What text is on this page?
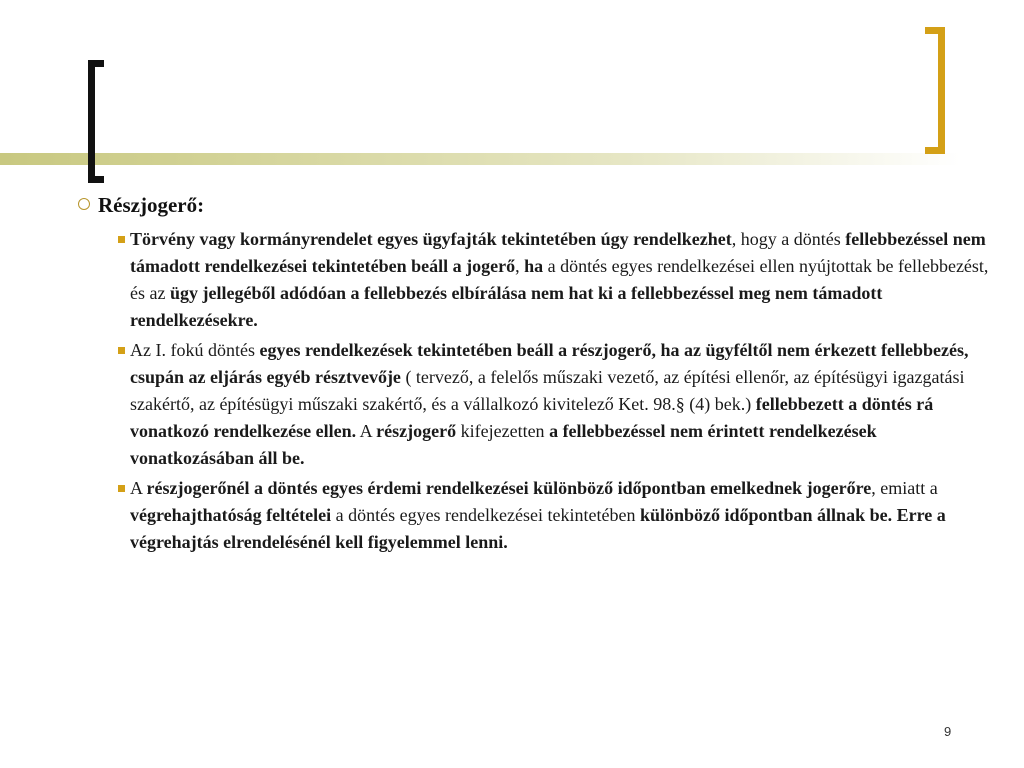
Részjogerő:
Törvény vagy kormányrendelet egyes ügyfajták tekintetében úgy rendelkezhet, hogy a döntés fellebbezéssel nem támadott rendelkezései tekintetében beáll a jogerő, ha a döntés egyes rendelkezései ellen nyújtottak be fellebbezést, és az ügy jellegéből adódóan a fellebbezés elbírálása nem hat ki a fellebbezéssel meg nem támadott rendelkezésekre.
Az I. fokú döntés egyes rendelkezések tekintetében beáll a részjogerő, ha az ügyféltől nem érkezett fellebbezés, csupán az eljárás egyéb résztvevője ( tervező, a felelős műszaki vezető, az építési ellenőr, az építésügyi igazgatási szakértő, az építésügyi műszaki szakértő, és a vállalkozó kivitelező Ket. 98.§ (4) bek.) fellebbezett a döntés rá vonatkozó rendelkezése ellen. A részjogerő kifejezetten a fellebbezéssel nem érintett rendelkezések vonatkozásában áll be.
A részjogerőnél a döntés egyes érdemi rendelkezései különböző időpontban emelkednek jogerőre, emiatt a végrehajthatóság feltételei a döntés egyes rendelkezései tekintetében különböző időpontban állnak be. Erre a végrehajtás elrendelésénél kell figyelemmel lenni.
9
